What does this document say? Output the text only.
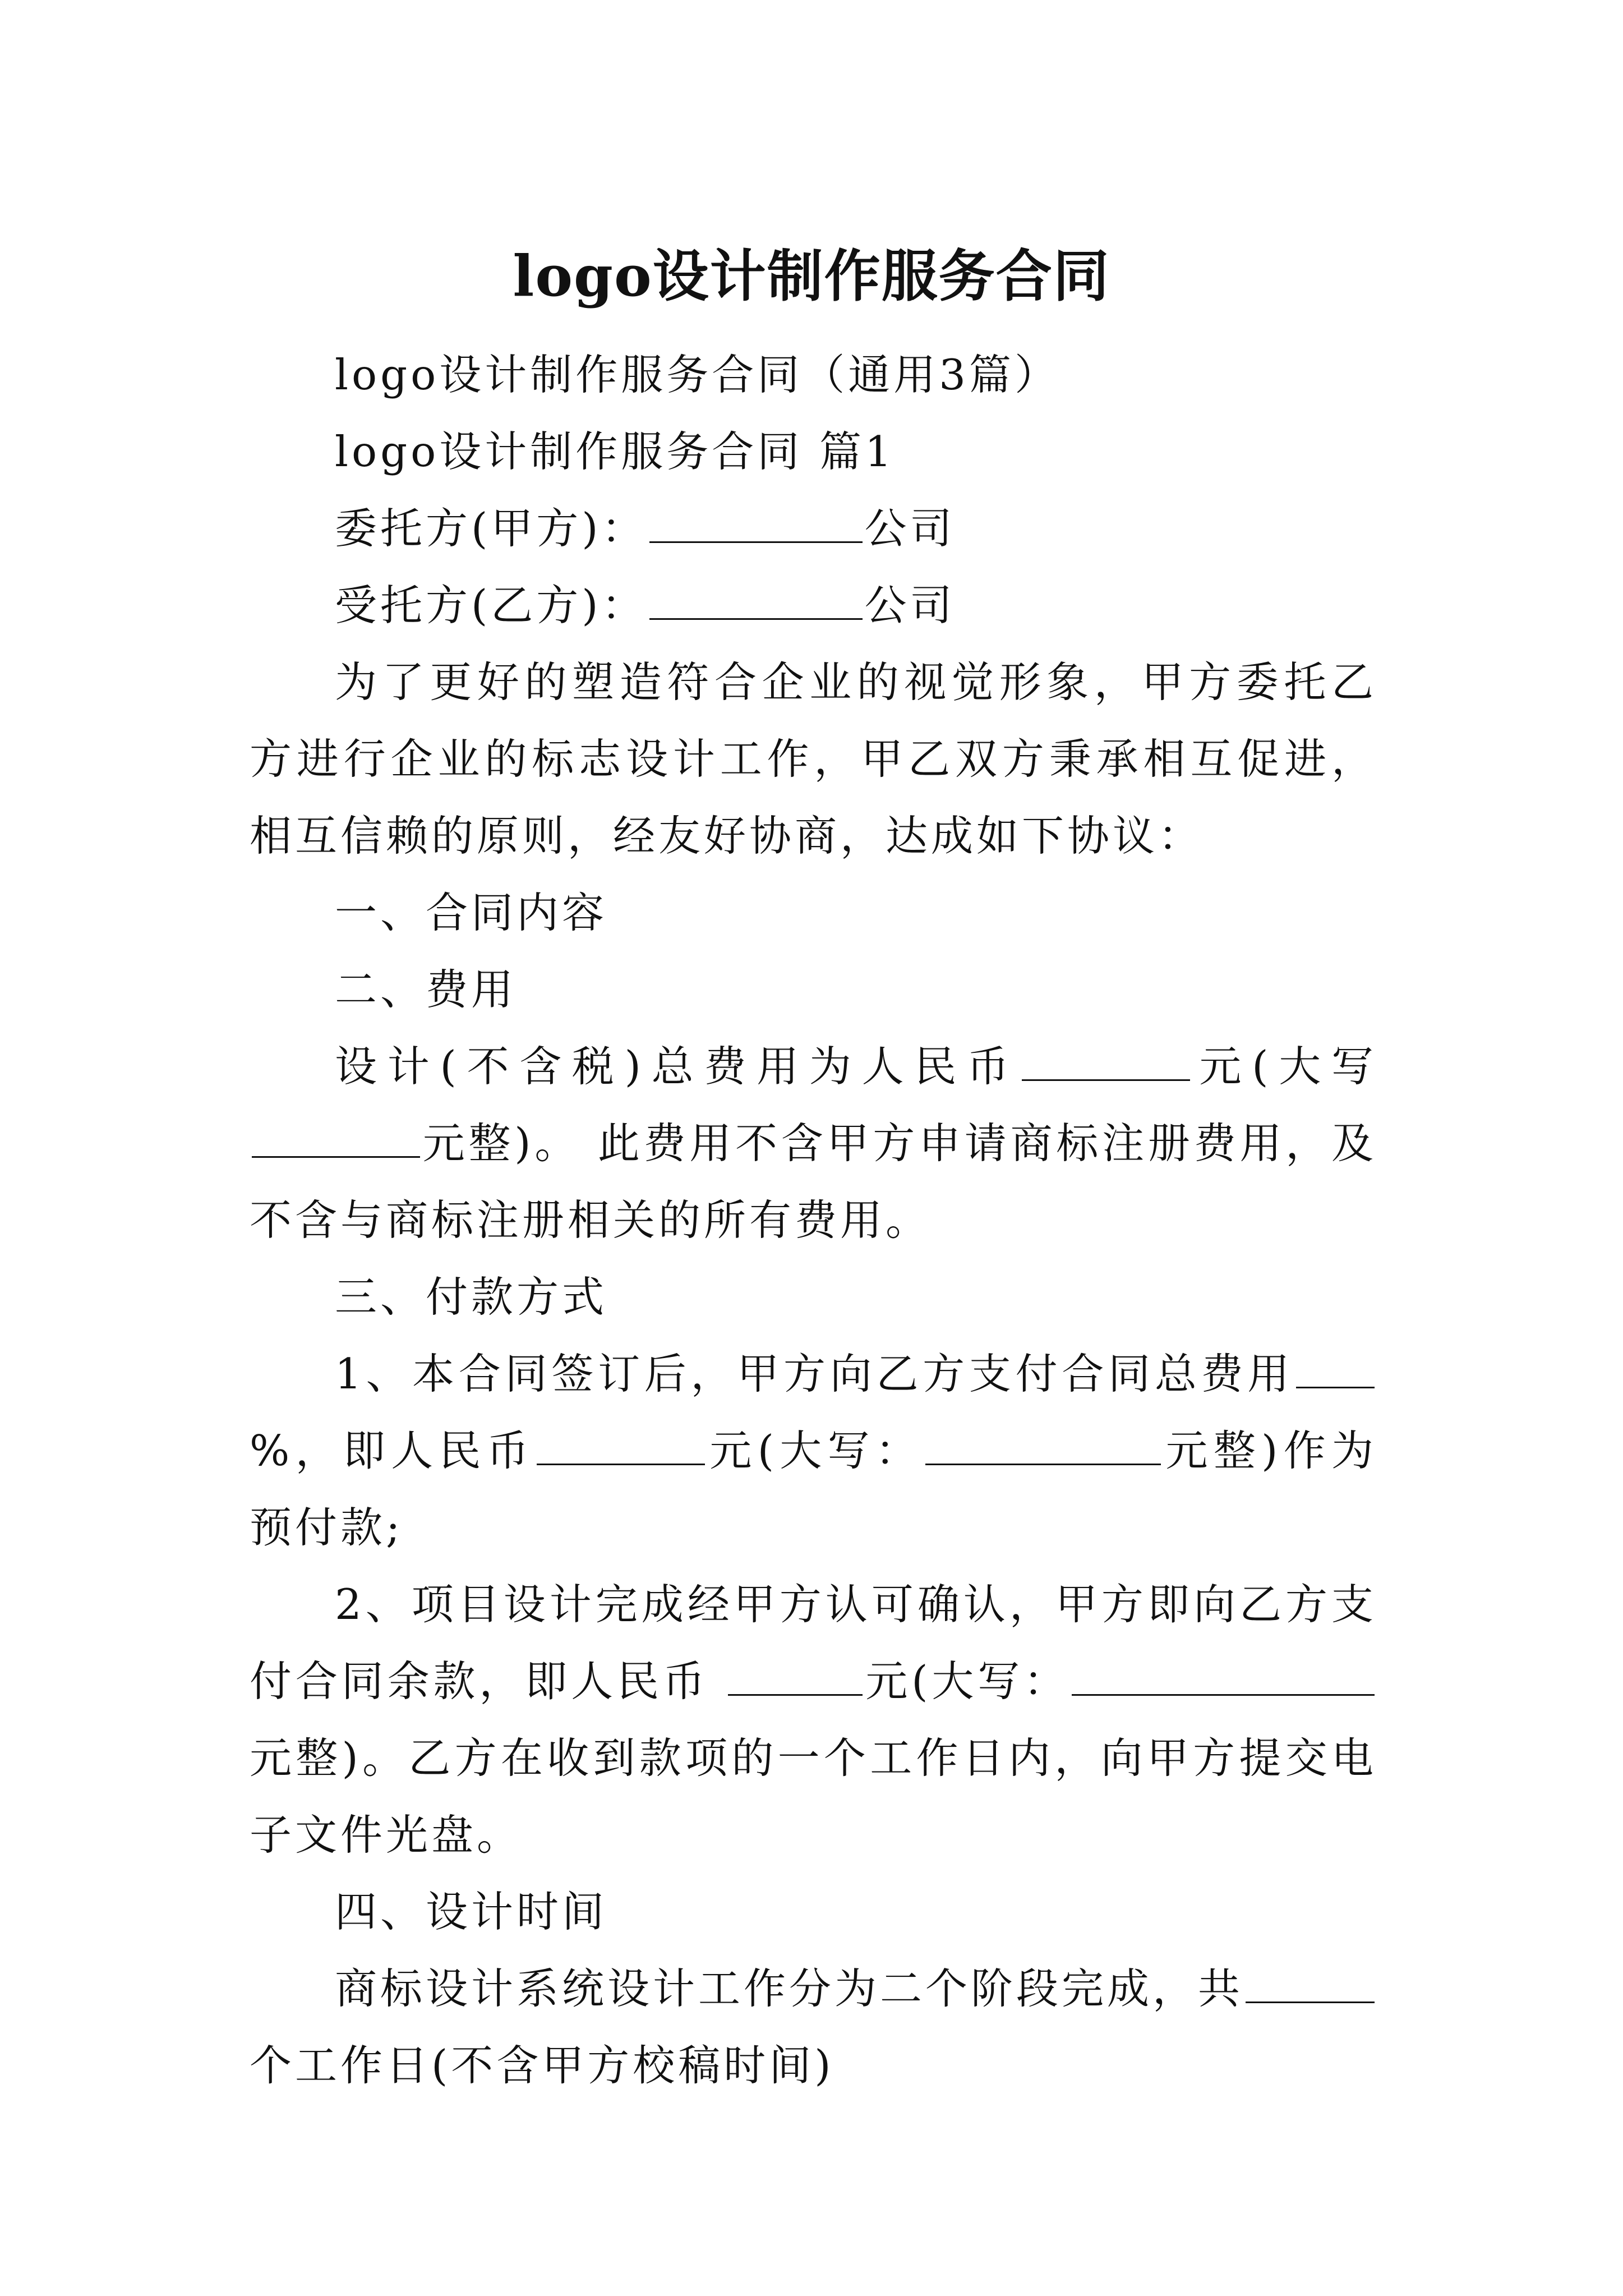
logo设计制作服务合同

logo设计制作服务合同（通用3篇）

logo设计制作服务合同 篇1

委托方(甲方)：	公司

受托方(乙方)：	公司

为了更好的塑造符合企业的视觉形象，甲方委托乙方进行企业的标志设计工作，甲乙双方秉承相互促进，相互信赖的原则，经友好协商，达成如下协议：

一、合同内容

二、费用

设计(不含税)总费用为人民币	元(大写元整)。 此费用不含甲方申请商标注册费用，及不含与商标注册相关的所有费用。

三、付款方式

1、本合同签订后，甲方向乙方支付合同总费用%，即人民币	元(大写：	元整)作为预付款;

2、项目设计完成经甲方认可确认，甲方即向乙方支付合同余款，即人民币	元(大写：元整)。乙方在收到款项的一个工作日内，向甲方提交电子文件光盘。

四、设计时间

商标设计系统设计工作分为二个阶段完成，共个工作日(不含甲方校稿时间)
